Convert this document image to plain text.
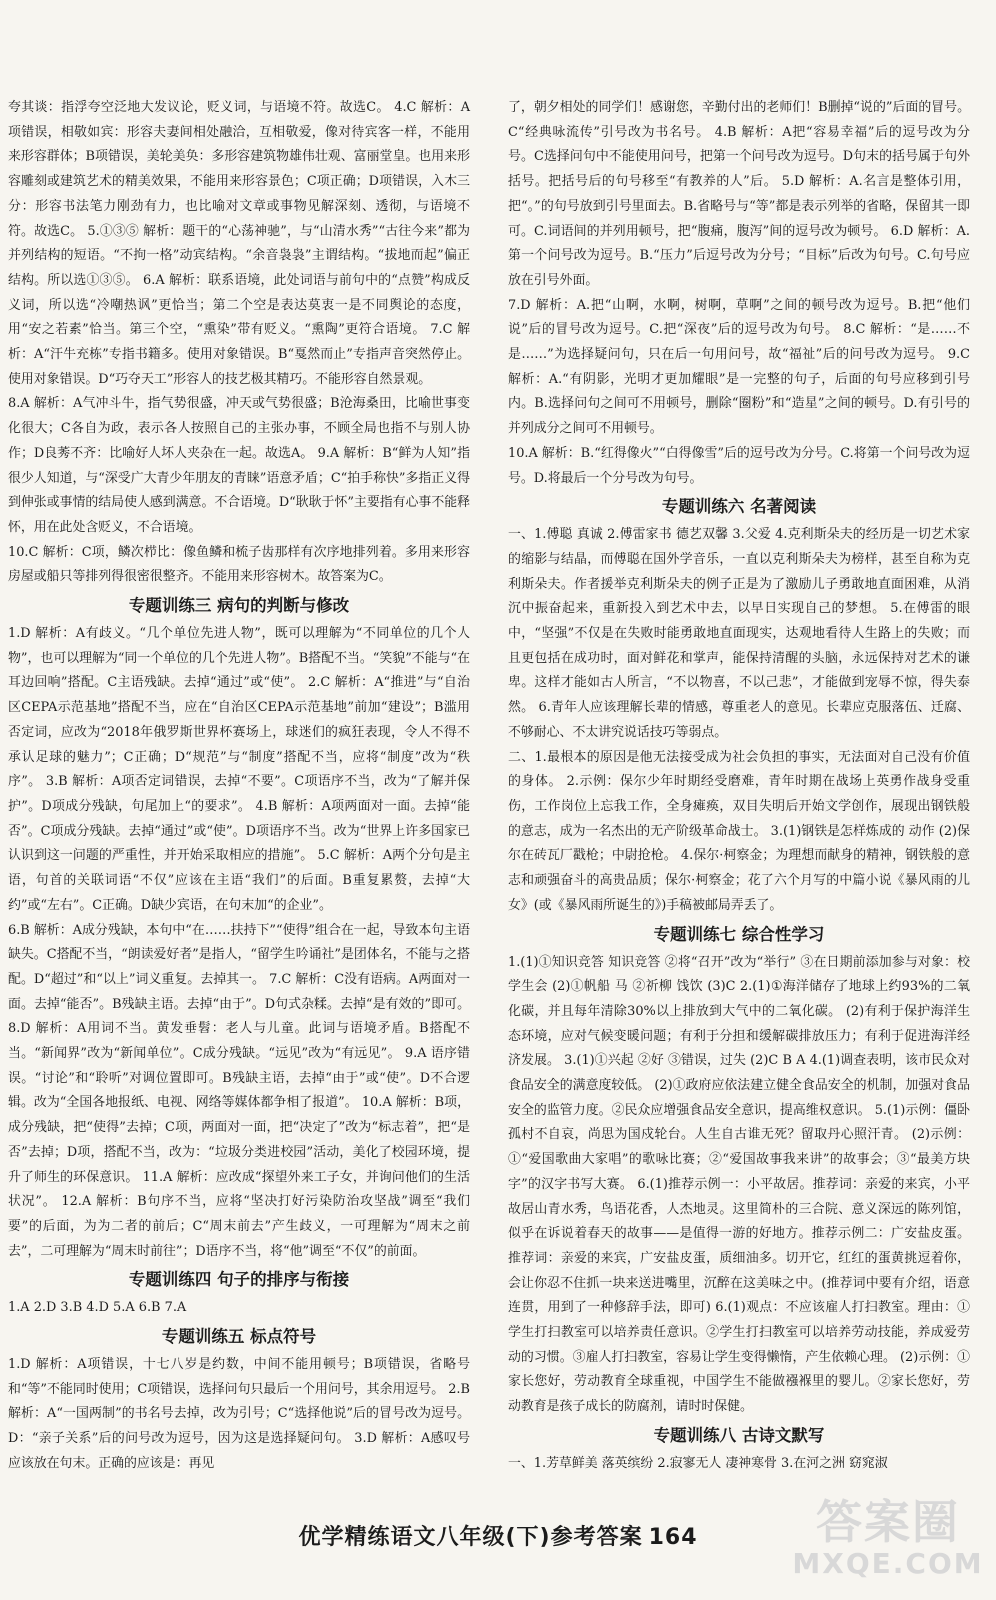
夸其谈：指浮夸空泛地大发议论，贬义词，与语境不符。故选C。 4.C 解析：A项错误，相敬如宾：形容夫妻间相处融洽，互相敬爱，像对待宾客一样，不能用来形容群体；B项错误，美轮美奂：多形容建筑物雄伟壮观、富丽堂皇。也用来形容雕刻或建筑艺术的精美效果，不能用来形容景色；C项正确；D项错误，入木三分：形容书法笔力刚劲有力，也比喻对文章或事物见解深刻、透彻，与语境不符。故选C。 5.①③⑤ 解析：题干的“心荡神驰”，与“山清水秀”“古往今来”都为并列结构的短语。“不拘一格”动宾结构。“余音袅袅”主谓结构。“拔地而起”偏正结构。所以选①③⑤。 6.A 解析：联系语境，此处词语与前句中的“点赞”构成反义词，所以选“冷嘲热讽”更恰当；第二个空是表达莫衷一是不同舆论的态度，用“安之若素”恰当。第三个空，“熏染”带有贬义。“熏陶”更符合语境。 7.C 解析：A“汗牛充栋”专指书籍多。使用对象错误。B“戛然而止”专指声音突然停止。使用对象错误。D“巧夺天工”形容人的技艺极其精巧。不能形容自然景观。

8.A 解析：A气冲斗牛，指气势很盛，冲天或气势很盛；B沧海桑田，比喻世事变化很大；C各自为政，表示各人按照自己的主张办事，不顾全局也指不与别人协作；D良莠不齐：比喻好人坏人夹杂在一起。故选A。 9.A 解析：B“鲜为人知”指很少人知道，与“深受广大青少年朋友的青睐”语意矛盾；C“拍手称快”多指正义得到伸张或事情的结局使人感到满意。不合语境。D“耿耿于怀”主要指有心事不能释怀，用在此处含贬义，不合语境。

10.C 解析：C项，鳞次栉比：像鱼鳞和梳子齿那样有次序地排列着。多用来形容房屋或船只等排列得很密很整齐。不能用来形容树木。故答案为C。

专题训练三 病句的判断与修改

1.D 解析：A有歧义。“几个单位先进人物”，既可以理解为“不同单位的几个人物”，也可以理解为“同一个单位的几个先进人物”。B搭配不当。“笑貌”不能与“在耳边回响”搭配。C主语残缺。去掉“通过”或“使”。 2.C 解析：A“推进”与“自治区CEPA示范基地”搭配不当，应在“自治区CEPA示范基地”前加“建设”；B滥用否定词，应改为“2018年俄罗斯世界杯赛场上，球迷们的疯狂表现，令人不得不承认足球的魅力”；C正确；D“规范”与“制度”搭配不当，应将“制度”改为“秩序”。 3.B 解析：A项否定词错误，去掉“不要”。C项语序不当，改为“了解并保护”。D项成分残缺，句尾加上“的要求”。 4.B 解析：A项两面对一面。去掉“能否”。C项成分残缺。去掉“通过”或“使”。D项语序不当。改为“世界上许多国家已认识到这一问题的严重性，并开始采取相应的措施”。 5.C 解析：A两个分句是主语，句首的关联词语“不仅”应该在主语“我们”的后面。B重复累赘，去掉“大约”或“左右”。C正确。D缺少宾语，在句末加“的企业”。

6.B 解析：A成分残缺，本句中“在……扶持下”“使得”组合在一起，导致本句主语缺失。C搭配不当，“朗读爱好者”是指人，“留学生吟诵社”是团体名，不能与之搭配。D“超过”和“以上”词义重复。去掉其一。 7.C 解析：C没有语病。A两面对一面。去掉“能否”。B残缺主语。去掉“由于”。D句式杂糅。去掉“是有效的”即可。 8.D 解析：A用词不当。黄发垂髫：老人与儿童。此词与语境矛盾。B搭配不当。“新闻界”改为“新闻单位”。C成分残缺。“远见”改为“有远见”。 9.A 语序错误。“讨论”和“聆听”对调位置即可。B残缺主语，去掉“由于”或“使”。D不合逻辑。改为“全国各地报纸、电视、网络等媒体都争相了报道”。 10.A 解析：B项，成分残缺，把“使得”去掉；C项，两面对一面，把“决定了”改为“标志着”，把“是否”去掉；D项，搭配不当，改为：“垃圾分类进校园”活动，美化了校园环境，提升了师生的环保意识。 11.A 解析：应改成“探望外来工子女，并询问他们的生活状况”。 12.A 解析：B句序不当，应将“坚决打好污染防治攻坚战”调至“我们要”的后面，为为二者的前后；C“周末前去”产生歧义，一可理解为“周末之前去”，二可理解为“周末时前往”；D语序不当，将“他”调至“不仅”的前面。

专题训练四 句子的排序与衔接

1.A 2.D 3.B 4.D 5.A 6.B 7.A

专题训练五 标点符号

1.D 解析：A项错误，十七八岁是约数，中间不能用顿号；B项错误，省略号和“等”不能同时使用；C项错误，选择问句只最后一个用问号，其余用逗号。 2.B 解析：A“一国两制”的书名号去掉，改为引号；C“选择他说”后的冒号改为逗号。D：“亲子关系”后的问号改为逗号，因为这是选择疑问句。 3.D 解析：A感叹号应该放在句末。正确的应该是：再见

了，朝夕相处的同学们！感谢您，辛勤付出的老师们！B删掉“说的”后面的冒号。C“经典咏流传”引号改为书名号。 4.B 解析：A把“容易幸福”后的逗号改为分号。C选择问句中不能使用问号，把第一个问号改为逗号。D句末的括号属于句外括号。把括号后的句号移至“有教养的人”后。 5.D 解析：A.名言是整体引用，把“。”的句号放到引号里面去。B.省略号与“等”都是表示列举的省略，保留其一即可。C.词语间的并列用顿号，把“腹痛，腹泻”间的逗号改为顿号。 6.D 解析：A.第一个问号改为逗号。B.“压力”后逗号改为分号；“目标”后改为句号。C.句号应放在引号外面。

7.D 解析：A.把“山啊，水啊，树啊，草啊”之间的顿号改为逗号。B.把“他们说”后的冒号改为逗号。C.把“深夜”后的逗号改为句号。 8.C 解析：“是……不是……”为选择疑问句，只在后一句用问号，故“福祉”后的问号改为逗号。 9.C 解析：A.“有阴影，光明才更加耀眼”是一完整的句子，后面的句号应移到引号内。B.选择问句之间可不用顿号，删除“圈粉”和“造星”之间的顿号。D.有引号的并列成分之间可不用顿号。

10.A 解析：B.“红得像火”“白得像雪”后的逗号改为分号。C.将第一个问号改为逗号。D.将最后一个分号改为句号。

专题训练六 名著阅读

一、1.傅聪 真诚 2.傅雷家书 德艺双馨 3.父爱 4.克利斯朵夫的经历是一切艺术家的缩影与结晶，而傅聪在国外学音乐，一直以克利斯朵夫为榜样，甚至自称为克利斯朵夫。作者援举克利斯朵夫的例子正是为了激励儿子勇敢地直面困难，从消沉中振奋起来，重新投入到艺术中去，以早日实现自己的梦想。 5.在傅雷的眼中，“坚强”不仅是在失败时能勇敢地直面现实，达观地看待人生路上的失败；而且更包括在成功时，面对鲜花和掌声，能保持清醒的头脑，永远保持对艺术的谦卑。这样才能如古人所言，“不以物喜，不以己悲”，才能做到宠辱不惊，得失泰然。 6.青年人应该理解长辈的情感，尊重老人的意见。长辈应克服落伍、迁腐、不够耐心、不太讲究说话技巧等弱点。

二、1.最根本的原因是他无法接受成为社会负担的事实，无法面对自己没有价值的身体。 2.示例：保尔少年时期经受磨难，青年时期在战场上英勇作战身受重伤，工作岗位上忘我工作，全身瘫痪，双目失明后开始文学创作，展现出钢铁般的意志，成为一名杰出的无产阶级革命战士。 3.(1)钢铁是怎样炼成的 动作 (2)保尔在砖瓦厂戳枪；中尉抢枪。 4.保尔·柯察金；为理想而献身的精神，钢铁般的意志和顽强奋斗的高贵品质；保尔·柯察金；花了六个月写的中篇小说《暴风雨的儿女》(或《暴风雨所诞生的》)手稿被邮局弄丢了。

专题训练七 综合性学习

1.(1)①知识竞答 知识竞答 ②将“召开”改为“举行” ③在日期前添加参与对象：校学生会 (2)①帆船 马 ②祈柳 饯饮 (3)C 2.(1)①海洋储存了地球上约93%的二氧化碳，并且每年清除30%以上排放到大气中的二氧化碳。 (2)有利于保护海洋生态环境，应对气候变暖问题；有利于分担和缓解碳排放压力；有利于促进海洋经济发展。 3.(1)①兴起 ②好 ③错误，过失 (2)C B A 4.(1)调查表明，该市民众对食品安全的满意度较低。 (2)①政府应依法建立健全食品安全的机制，加强对食品安全的监管力度。②民众应增强食品安全意识，提高维权意识。 5.(1)示例：僵卧孤村不自哀，尚思为国戍轮台。人生自古谁无死？留取丹心照汗青。 (2)示例：①“爱国歌曲大家唱”的歌咏比赛；②“爱国故事我来讲”的故事会；③“最美方块字”的汉字书写大赛。 6.(1)推荐示例一：小平故居。推荐词：亲爱的来宾，小平故居山青水秀，鸟语花香，人杰地灵。这里简朴的三合院、意义深远的陈列馆，似乎在诉说着春天的故事——是值得一游的好地方。推荐示例二：广安盐皮蛋。推荐词：亲爱的来宾，广安盐皮蛋，质细油多。切开它，红红的蛋黄挑逗着你，会让你忍不住抓一块来送进嘴里，沉醉在这美味之中。(推荐词中要有介绍，语意连贯，用到了一种修辞手法，即可) 6.(1)观点：不应该雇人打扫教室。理由：①学生打扫教室可以培养责任意识。②学生打扫教室可以培养劳动技能，养成爱劳动的习惯。③雇人打扫教室，容易让学生变得懒惰，产生依赖心理。 (2)示例：①家长您好，劳动教育全球重视，中国学生不能做襁褓里的婴儿。②家长您好，劳动教育是孩子成长的防腐剂，请时时保健。

专题训练八 古诗文默写

一、1.芳草鲜美 落英缤纷 2.寂寥无人 凄神寒骨 3.在河之洲 窈窕淑

优学精练语文八年级(下)参考答案 164	答案圈
MXQE.COM
